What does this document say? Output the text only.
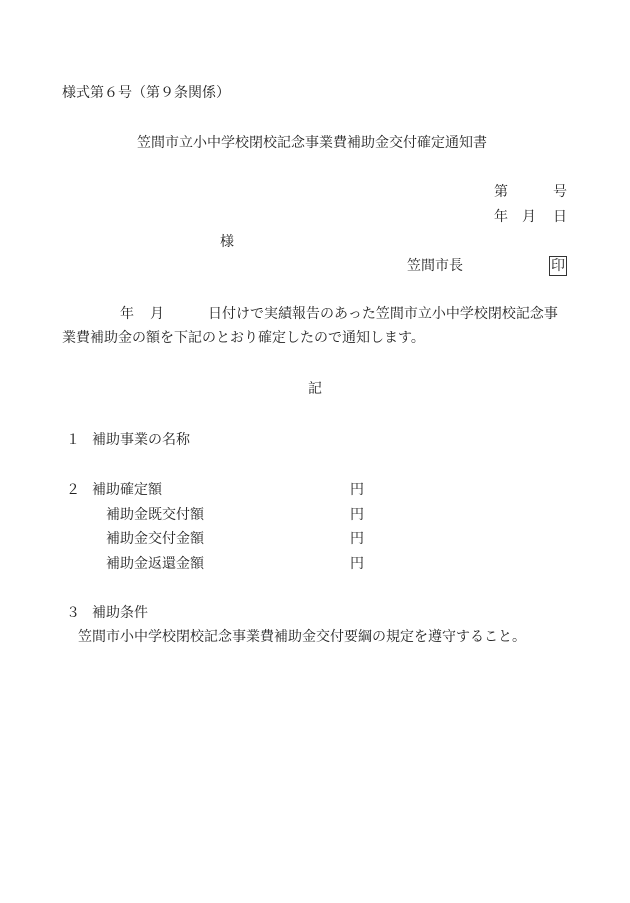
様式第６号（第９条関係）
笠間市立小中学校閉校記念事業費補助金交付確定通知書
第	号
年 月 日
様
笠間市長	印
年 月	日付けで実績報告のあった笠間市立小中学校閉校記念事
業費補助金の額を下記のとおり確定したので通知します。
記
１ 補助事業の名称
２ 補助確定額	円
補助金既交付額	円
補助金交付金額	円
補助金返還金額	円
３ 補助条件
笠間市小中学校閉校記念事業費補助金交付要綱の規定を遵守すること。
